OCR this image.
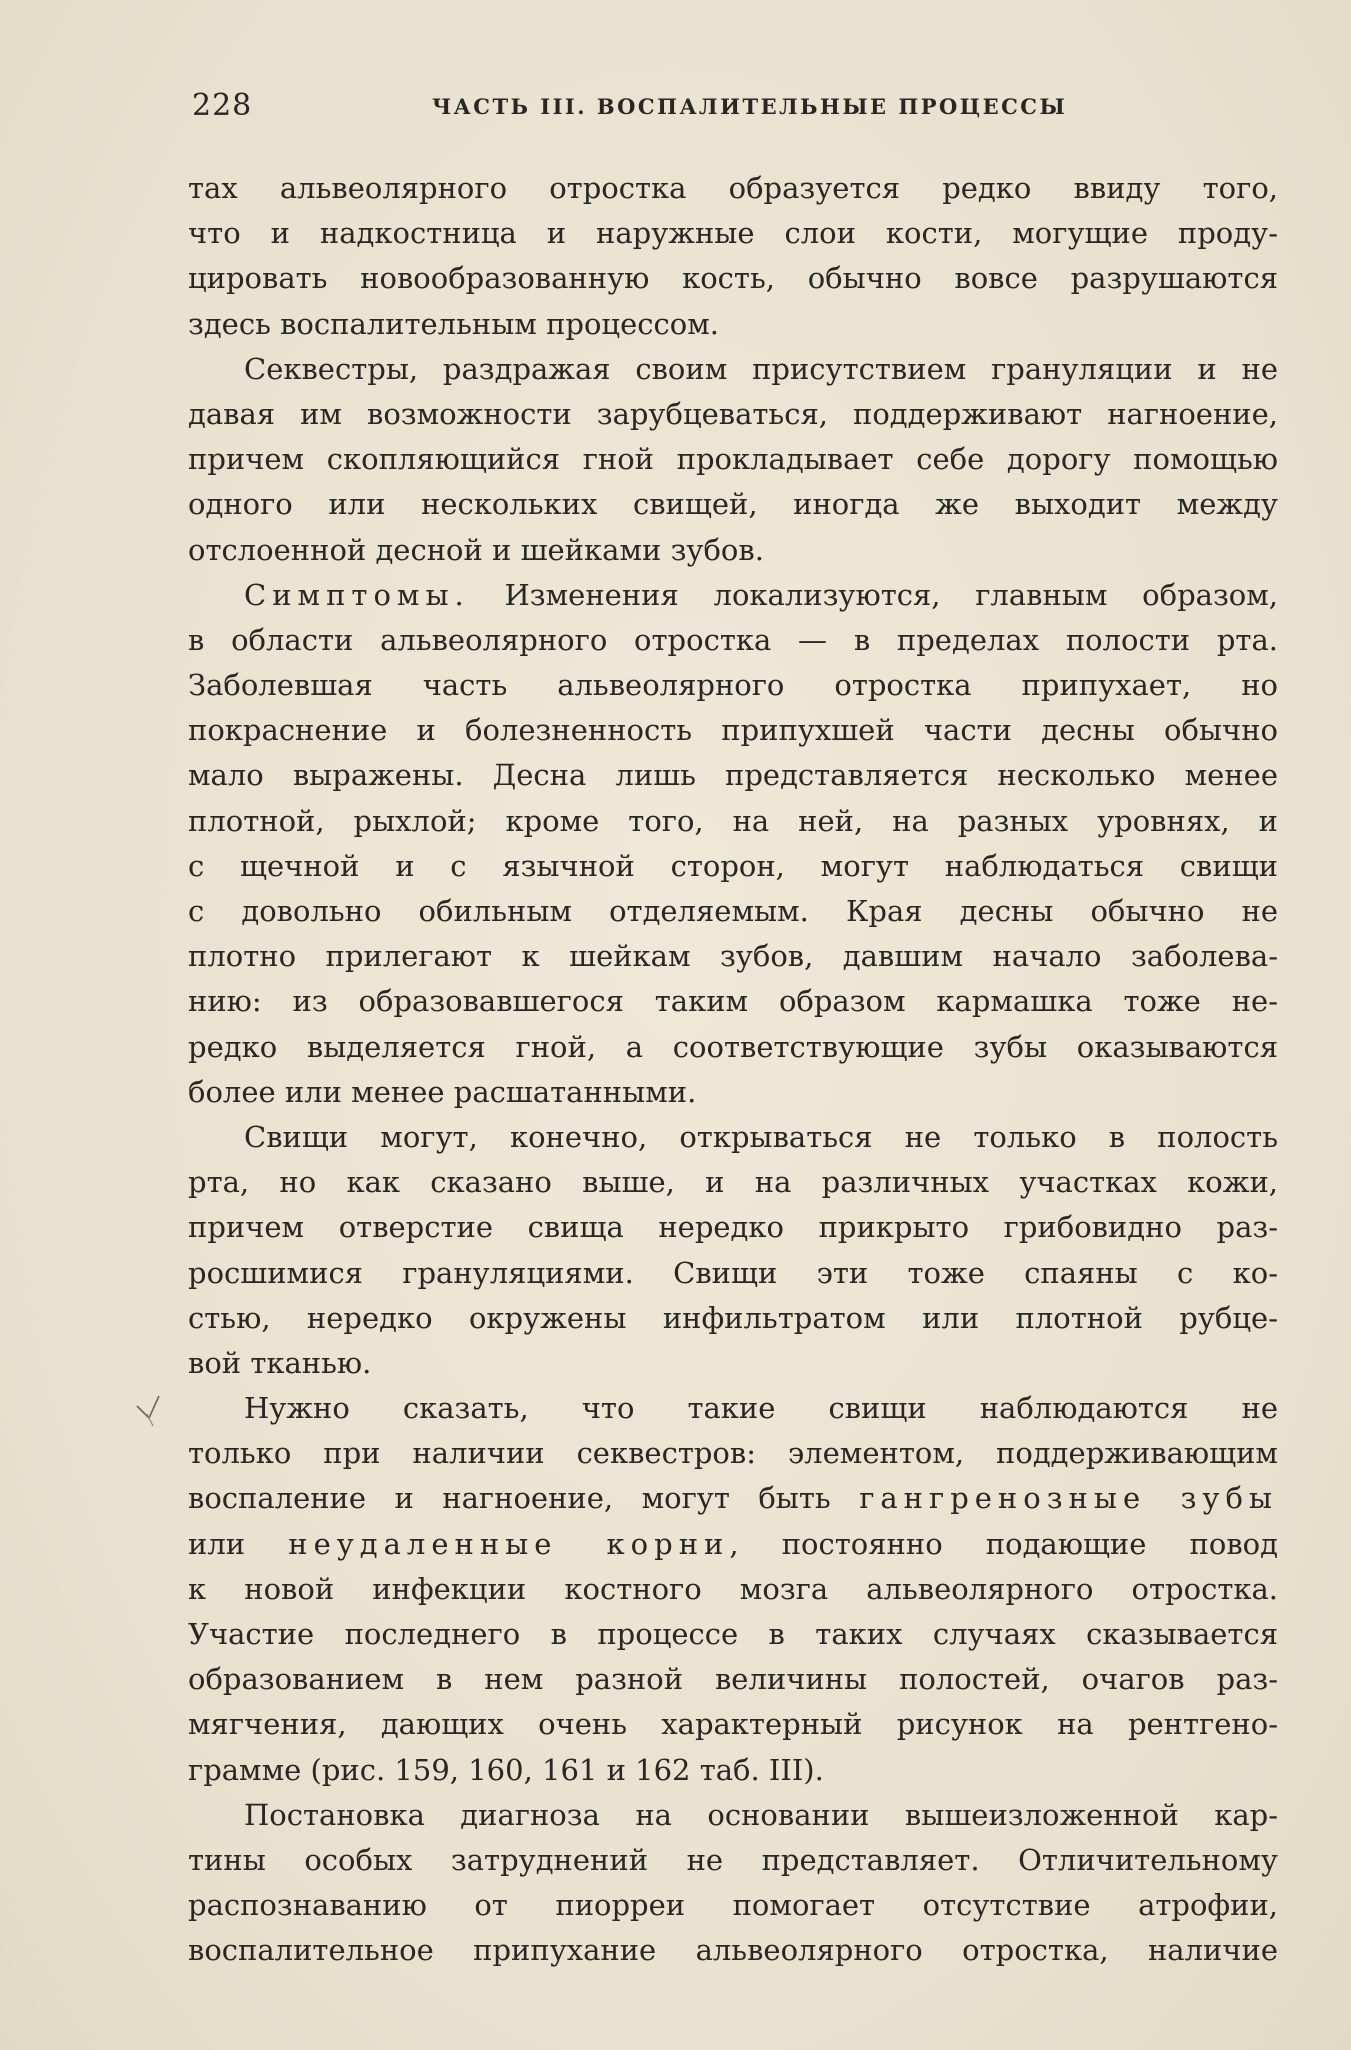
228	ЧАСТЬ III. ВОСПАЛИТЕЛЬНЫЕ ПРОЦЕССЫ
тах альвеолярного отростка образуется редко ввиду того,
что и надкостница и наружные слои кости, могущие проду-
цировать новообразованную кость, обычно вовсе разрушаются
здесь воспалительным процессом.
Секвестры, раздражая своим присутствием грануляции и не
давая им возможности зарубцеваться, поддерживают нагноение,
причем скопляющийся гной прокладывает себе дорогу помощью
одного или нескольких свищей, иногда же выходит между
отслоенной десной и шейками зубов.
Симптомы. Изменения локализуются, главным образом,
в области альвеолярного отростка — в пределах полости рта.
Заболевшая часть альвеолярного отростка припухает, но
покраснение и болезненность припухшей части десны обычно
мало выражены. Десна лишь представляется несколько менее
плотной, рыхлой; кроме того, на ней, на разных уровнях, и
с щечной и с язычной сторон, могут наблюдаться свищи
с довольно обильным отделяемым. Края десны обычно не
плотно прилегают к шейкам зубов, давшим начало заболева-
нию: из образовавшегося таким образом кармашка тоже не-
редко выделяется гной, а соответствующие зубы оказываются
более или менее расшатанными.
Свищи могут, конечно, открываться не только в полость
рта, но как сказано выше, и на различных участках кожи,
причем отверстие свища нередко прикрыто грибовидно раз-
росшимися грануляциями. Свищи эти тоже спаяны с ко-
стью, нередко окружены инфильтратом или плотной рубце-
вой тканью.
Нужно сказать, что такие свищи наблюдаются не
только при наличии секвестров: элементом, поддерживающим
воспаление и нагноение, могут быть гангренозные зубы
или неудаленные корни, постоянно подающие повод
к новой инфекции костного мозга альвеолярного отростка.
Участие последнего в процессе в таких случаях сказывается
образованием в нем разной величины полостей, очагов раз-
мягчения, дающих очень характерный рисунок на рентгено-
грамме (рис. 159, 160, 161 и 162 таб. III).
Постановка диагноза на основании вышеизложенной кар-
тины особых затруднений не представляет. Отличительному
распознаванию от пиорреи помогает отсутствие атрофии,
воспалительное припухание альвеолярного отростка, наличие
